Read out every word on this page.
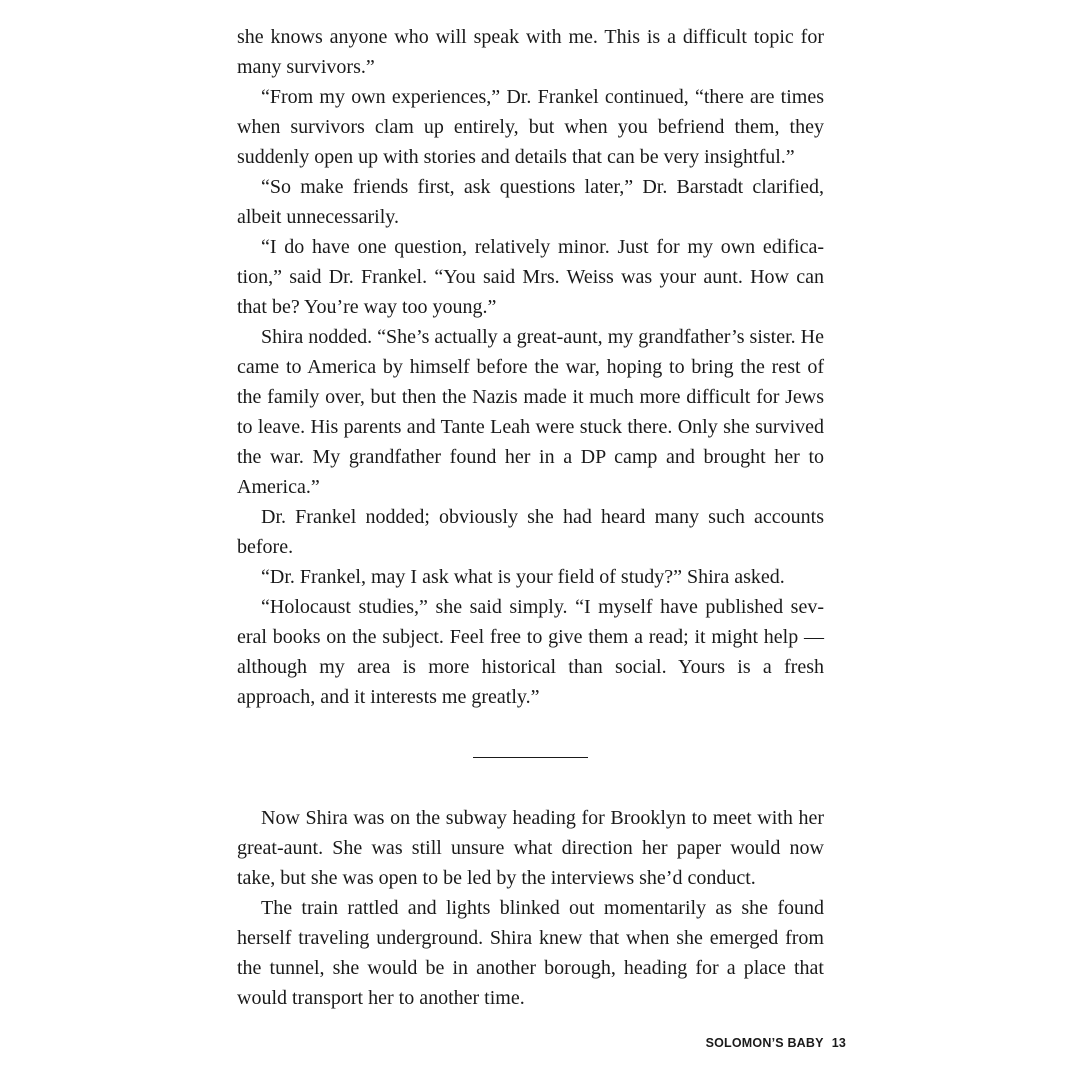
she knows anyone who will speak with me. This is a difficult topic for many survivors.”

“From my own experiences,” Dr. Frankel continued, “there are times when survivors clam up entirely, but when you befriend them, they suddenly open up with stories and details that can be very insightful.”

“So make friends first, ask questions later,” Dr. Barstadt clarified, albeit unnecessarily.

“I do have one question, relatively minor. Just for my own edifica-tion,” said Dr. Frankel. “You said Mrs. Weiss was your aunt. How can that be? You’re way too young.”

Shira nodded. “She’s actually a great-aunt, my grandfather’s sister. He came to America by himself before the war, hoping to bring the rest of the family over, but then the Nazis made it much more difficult for Jews to leave. His parents and Tante Leah were stuck there. Only she survived the war. My grandfather found her in a DP camp and brought her to America.”

Dr. Frankel nodded; obviously she had heard many such accounts before.

“Dr. Frankel, may I ask what is your field of study?” Shira asked.

“Holocaust studies,” she said simply. “I myself have published sev-eral books on the subject. Feel free to give them a read; it might help — although my area is more historical than social. Yours is a fresh approach, and it interests me greatly.”

Now Shira was on the subway heading for Brooklyn to meet with her great-aunt. She was still unsure what direction her paper would now take, but she was open to be led by the interviews she’d conduct.

The train rattled and lights blinked out momentarily as she found herself traveling underground. Shira knew that when she emerged from the tunnel, she would be in another borough, heading for a place that would transport her to another time.

SOLOMON’S BABY 13
